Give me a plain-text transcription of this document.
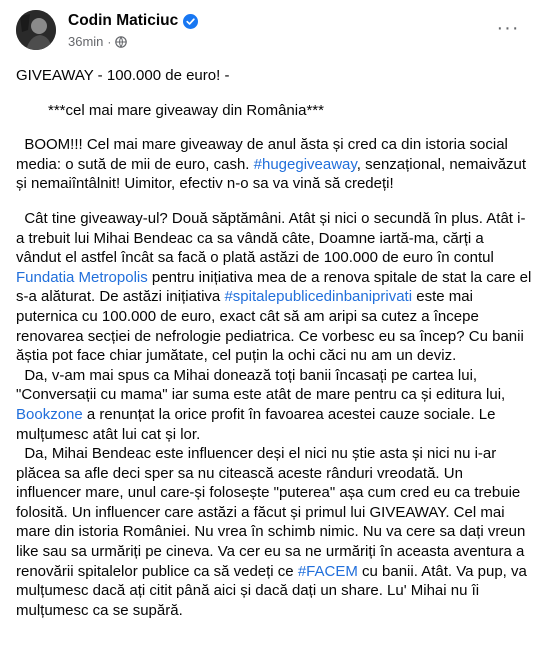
Codin Maticiuc
36min ·
···

GIVEAWAY - 100.000 de euro! -

***cel mai mare giveaway din România***

BOOM!!! Cel mai mare giveaway de anul ăsta și cred ca din istoria social media: o sută de mii de euro, cash. #hugegiveaway, senzațional, nemaivăzut și nemaiîntâlnit! Uimitor, efectiv n-o sa va vină să credeți!

Cât tine giveaway-ul? Două săptămâni. Atât și nici o secundă în plus. Atât i-a trebuit lui Mihai Bendeac ca sa vândă câte, Doamne iartă-ma, cărți a vândut el astfel încât sa facă o plată astăzi de 100.000 de euro în contul Fundatia Metropolis pentru inițiativa mea de a renova spitale de stat la care el s-a alăturat. De astăzi inițiativa #spitalepublicedinbaniprivati este mai puternica cu 100.000 de euro, exact cât să am aripi sa cutez a începe renovarea secției de nefrologie pediatrica. Ce vorbesc eu sa încep? Cu banii ăștia pot face chiar jumătate, cel puțin la ochi căci nu am un deviz.

Da, v-am mai spus ca Mihai donează toți banii încasați pe cartea lui, "Conversații cu mama" iar suma este atât de mare pentru ca și editura lui, Bookzone a renunțat la orice profit în favoarea acestei cauze sociale. Le mulțumesc atât lui cat și lor.

Da, Mihai Bendeac este influencer deși el nici nu știe asta și nici nu i-ar plăcea sa afle deci sper sa nu citească aceste rânduri vreodată. Un influencer mare, unul care-și folosește "puterea" așa cum cred eu ca trebuie folosită. Un influencer care astăzi a făcut și primul lui GIVEAWAY. Cel mai mare din istoria României. Nu vrea în schimb nimic. Nu va cere sa dați vreun like sau sa urmăriți pe cineva. Va cer eu sa ne urmăriți în aceasta aventura a renovării spitalelor publice ca să vedeți ce #FACEM cu banii. Atât. Va pup, va mulțumesc dacă ați citit până aici și dacă dați un share. Lu' Mihai nu îi mulțumesc ca se supără.
